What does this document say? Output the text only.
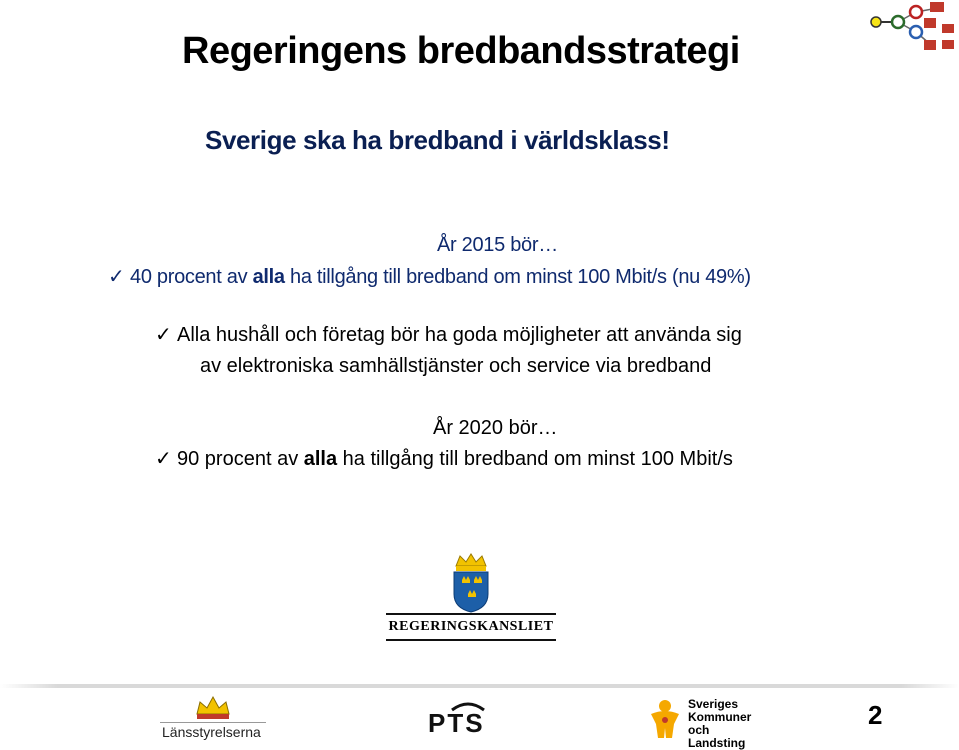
Regeringens bredbandsstrategi
Sverige ska ha bredband i världsklass!
År 2015 bör…
✓ 40 procent av alla ha tillgång till bredband om minst 100 Mbit/s (nu 49%)
✓ Alla hushåll och företag bör ha goda möjligheter att använda sig
av elektroniska samhällstjänster och service via bredband
År 2020 bör…
✓ 90 procent av alla ha tillgång till bredband om minst 100 Mbit/s
REGERINGSKANSLIET
Länsstyrelserna	PTS
Sveriges
Kommuner
och Landsting
2
